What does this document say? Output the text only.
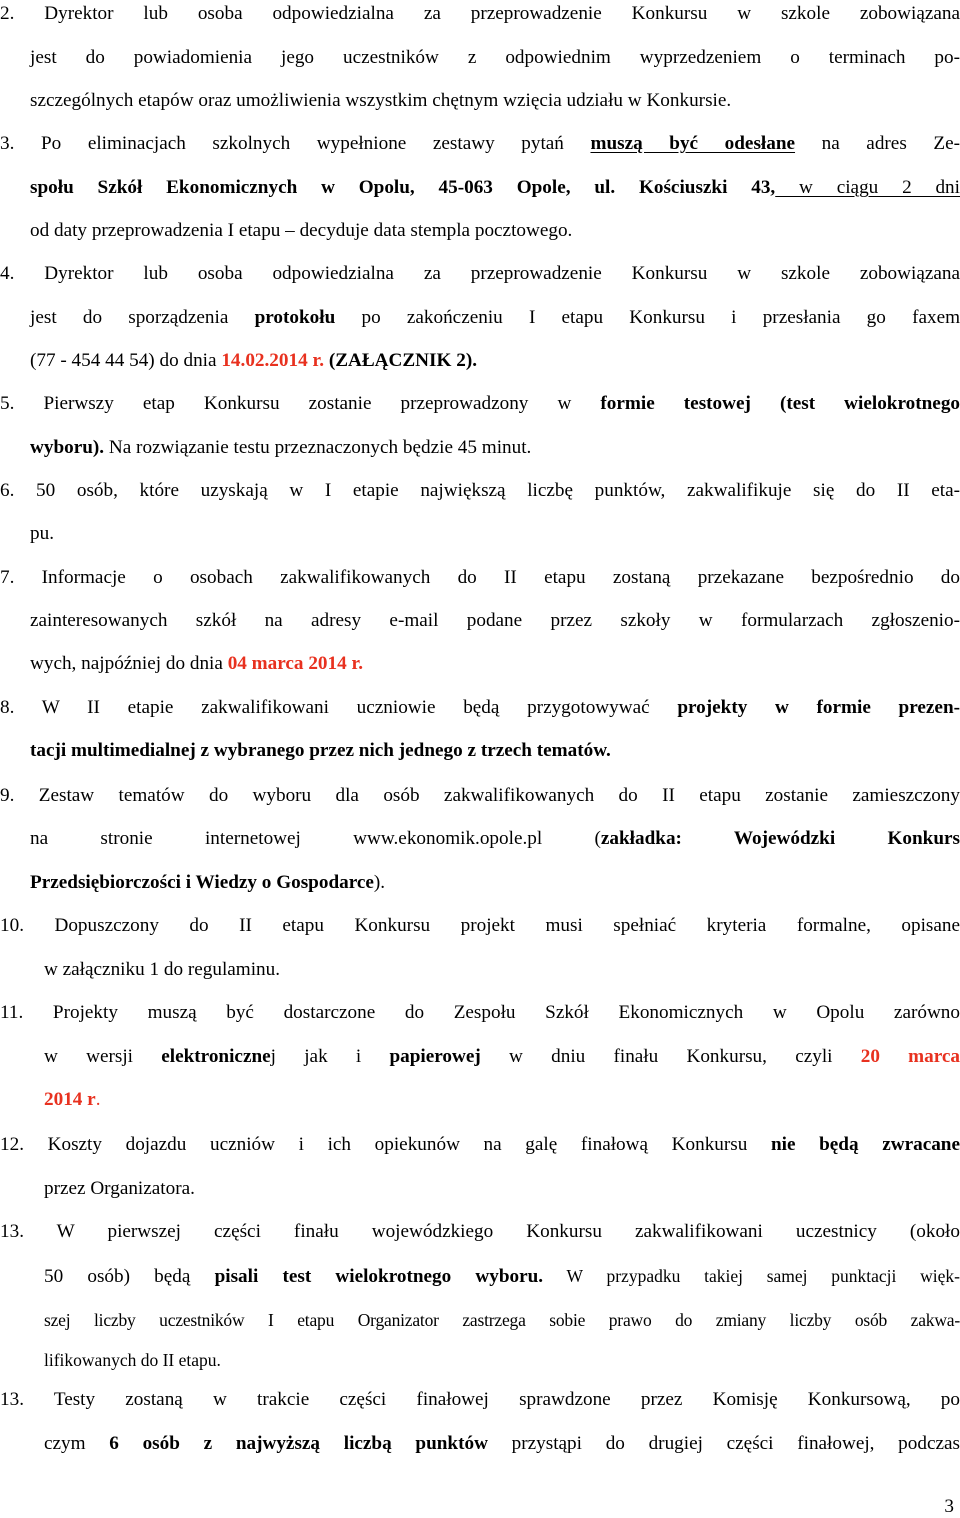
2. Dyrektor lub osoba odpowiedzialna za przeprowadzenie Konkursu w szkole zobowiązana
jest do powiadomienia jego uczestników z odpowiednim wyprzedzeniem o terminach po-
szczególnych etapów oraz umożliwienia wszystkim chętnym wzięcia udziału w Konkursie.
3. Po eliminacjach szkolnych wypełnione zestawy pytań muszą być odesłane na adres Ze-
społu Szkół Ekonomicznych w Opolu, 45-063 Opole, ul. Kościuszki 43, w ciągu 2 dni
od daty przeprowadzenia I etapu – decyduje data stempla pocztowego.
4. Dyrektor lub osoba odpowiedzialna za przeprowadzenie Konkursu w szkole zobowiązana
jest do sporządzenia protokołu po zakończeniu I etapu Konkursu i przesłania go faxem
(77 - 454 44 54) do dnia 14.02.2014 r. (ZAŁĄCZNIK 2).
5. Pierwszy etap Konkursu zostanie przeprowadzony w formie testowej (test wielokrotnego
wyboru). Na rozwiązanie testu przeznaczonych będzie 45 minut.
6. 50 osób, które uzyskają w I etapie największą liczbę punktów, zakwalifikuje się do II eta-
pu.
7. Informacje o osobach zakwalifikowanych do II etapu zostaną przekazane bezpośrednio do
zainteresowanych szkół na adresy e-mail podane przez szkoły w formularzach zgłoszenio-
wych, najpóźniej do dnia 04 marca 2014 r.
8. W II etapie zakwalifikowani uczniowie będą przygotowywać projekty w formie prezen-
tacji multimedialnej z wybranego przez nich jednego z trzech tematów.
9. Zestaw tematów do wyboru dla osób zakwalifikowanych do II etapu zostanie zamieszczony
na stronie internetowej www.ekonomik.opole.pl (zakładka: Wojewódzki Konkurs
Przedsiębiorczości i Wiedzy o Gospodarce).
10. Dopuszczony do II etapu Konkursu projekt musi spełniać kryteria formalne, opisane
w załączniku 1 do regulaminu.
11. Projekty muszą być dostarczone do Zespołu Szkół Ekonomicznych w Opolu zarówno
w wersji elektronicznej jak i papierowej w dniu finału Konkursu, czyli 20 marca
2014 r.
12. Koszty dojazdu uczniów i ich opiekunów na galę finałową Konkursu nie będą zwracane
przez Organizatora.
13. W pierwszej części finału wojewódzkiego Konkursu zakwalifikowani uczestnicy (około
50 osób) będą pisali test wielokrotnego wyboru. W przypadku takiej samej punktacji więk-
szej liczby uczestników I etapu Organizator zastrzega sobie prawo do zmiany liczby osób zakwa-
lifikowanych do II etapu.
13. Testy zostaną w trakcie części finałowej sprawdzone przez Komisję Konkursową, po
czym 6 osób z najwyższą liczbą punktów przystąpi do drugiej części finałowej, podczas
3
